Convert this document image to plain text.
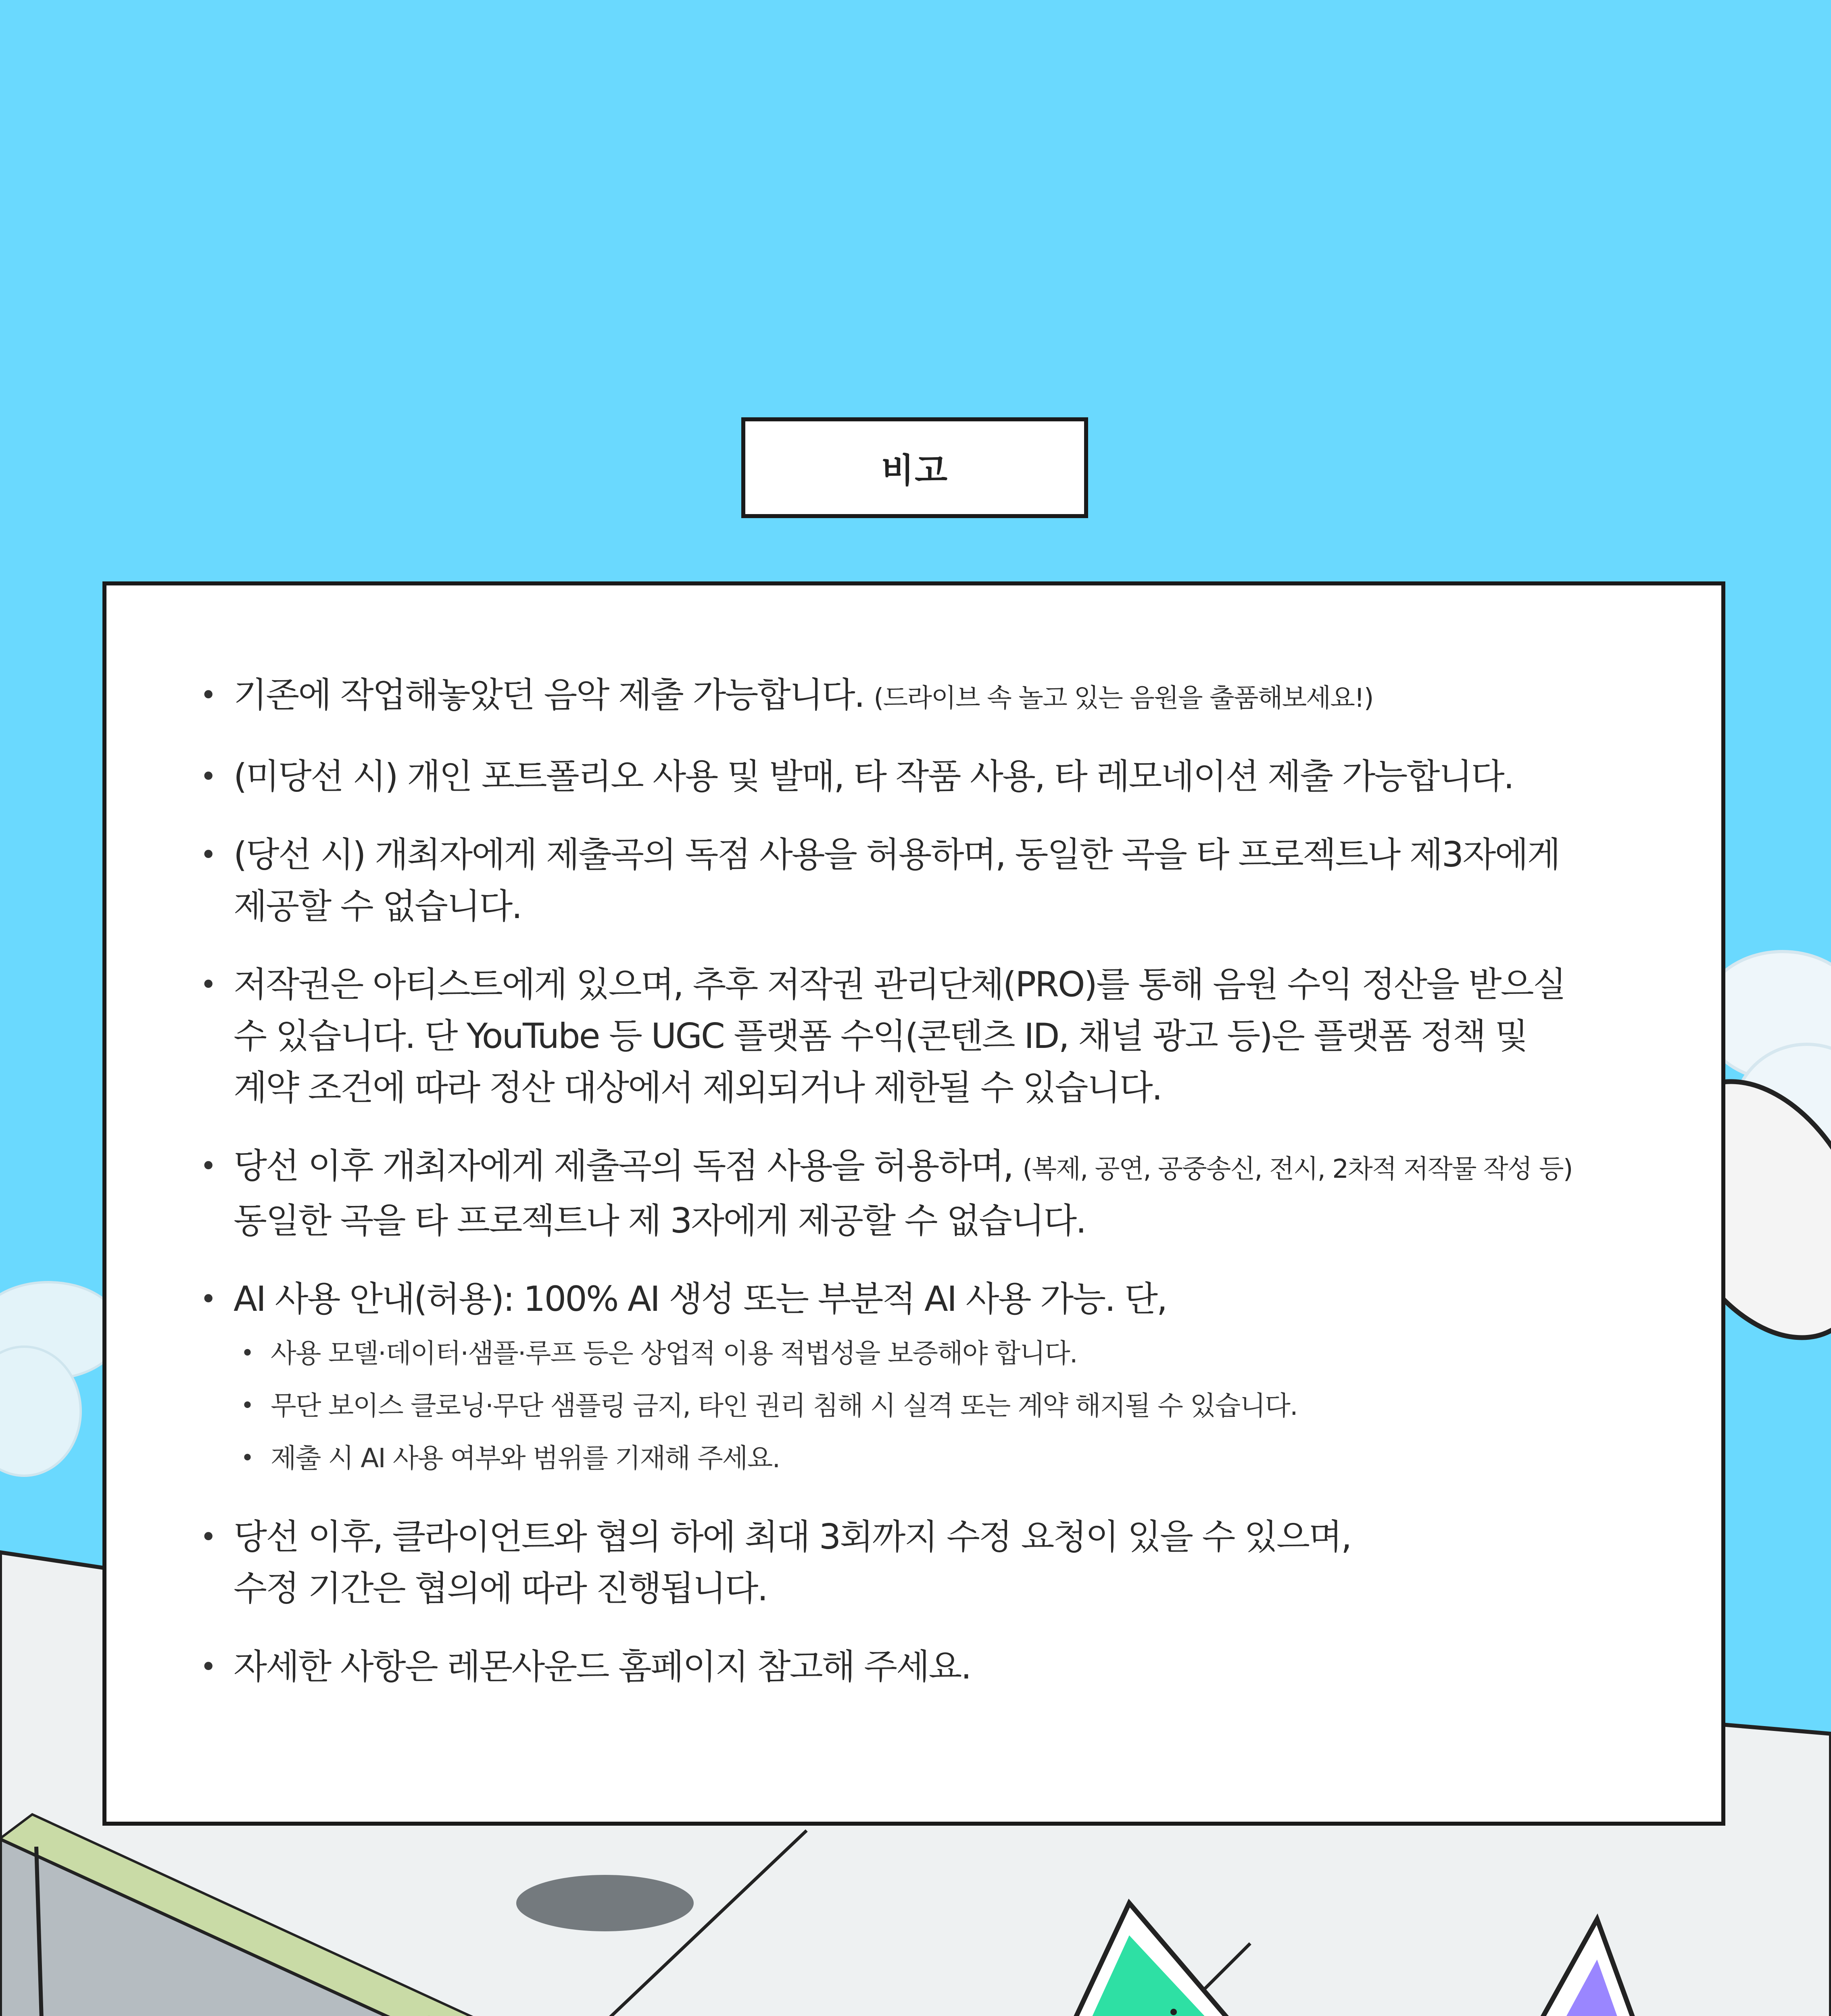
비고
• 기존에 작업해놓았던 음악 제출 가능합니다. (드라이브 속 놀고 있는 음원을 출품해보세요!)
• (미당선 시) 개인 포트폴리오 사용 및 발매, 타 작품 사용, 타 레모네이션 제출 가능합니다.
• (당선 시) 개최자에게 제출곡의 독점 사용을 허용하며, 동일한 곡을 타 프로젝트나 제3자에게
제공할 수 없습니다.
• 저작권은 아티스트에게 있으며, 추후 저작권 관리단체(PRO)를 통해 음원 수익 정산을 받으실
수 있습니다. 단 YouTube 등 UGC 플랫폼 수익(콘텐츠 ID, 채널 광고 등)은 플랫폼 정책 및
계약 조건에 따라 정산 대상에서 제외되거나 제한될 수 있습니다.
• 당선 이후 개최자에게 제출곡의 독점 사용을 허용하며, (복제, 공연, 공중송신, 전시, 2차적 저작물 작성 등)
동일한 곡을 타 프로젝트나 제 3자에게 제공할 수 없습니다.
• AI 사용 안내(허용): 100% AI 생성 또는 부분적 AI 사용 가능. 단,
• 사용 모델·데이터·샘플·루프 등은 상업적 이용 적법성을 보증해야 합니다.
• 무단 보이스 클로닝·무단 샘플링 금지, 타인 권리 침해 시 실격 또는 계약 해지될 수 있습니다.
• 제출 시 AI 사용 여부와 범위를 기재해 주세요.
• 당선 이후, 클라이언트와 협의 하에 최대 3회까지 수정 요청이 있을 수 있으며,
수정 기간은 협의에 따라 진행됩니다.
• 자세한 사항은 레몬사운드 홈페이지 참고해 주세요.
